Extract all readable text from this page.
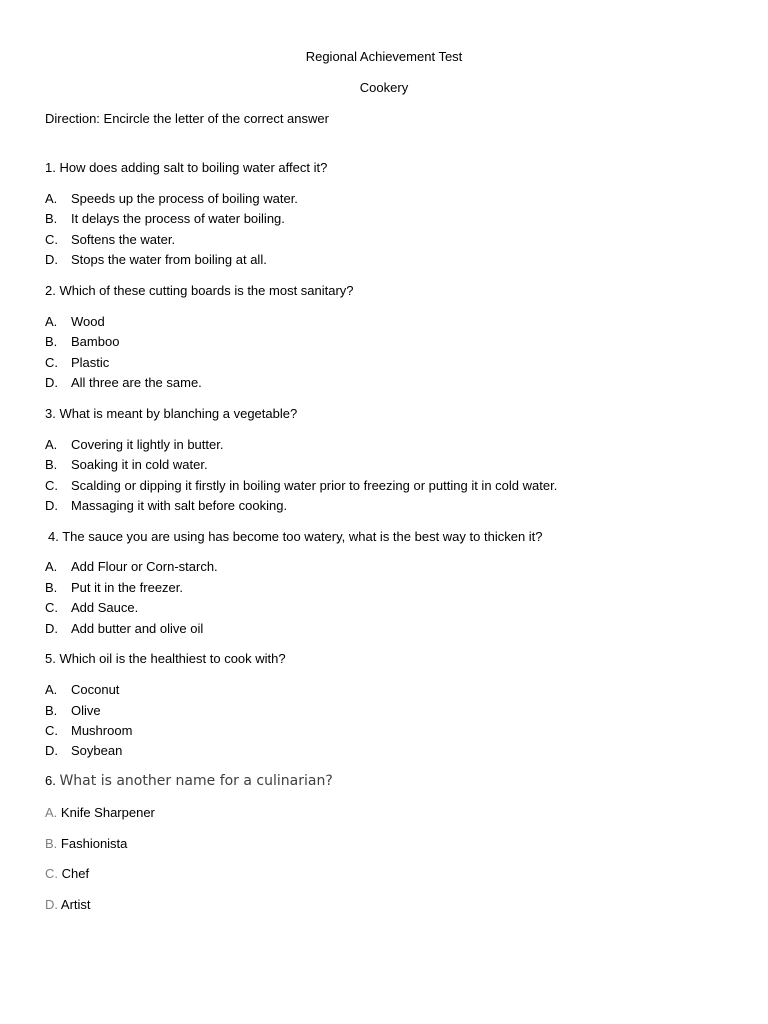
Regional Achievement Test
Cookery
Direction: Encircle the letter of the correct answer
1. How does adding salt to boiling water affect it?
A. Speeds up the process of boiling water.
B. It delays the process of water boiling.
C. Softens the water.
D. Stops the water from boiling at all.
2. Which of these cutting boards is the most sanitary?
A. Wood
B. Bamboo
C. Plastic
D. All three are the same.
3. What is meant by blanching a vegetable?
A. Covering it lightly in butter.
B. Soaking it in cold water.
C. Scalding or dipping it firstly in boiling water prior to freezing or putting it in cold water.
D. Massaging it with salt before cooking.
4. The sauce you are using has become too watery, what is the best way to thicken it?
A. Add Flour or Corn-starch.
B. Put it in the freezer.
C. Add Sauce.
D. Add butter and olive oil
5. Which oil is the healthiest to cook with?
A. Coconut
B. Olive
C. Mushroom
D. Soybean
6. What is another name for a culinarian?
A. Knife Sharpener
B. Fashionista
C. Chef
D. Artist
